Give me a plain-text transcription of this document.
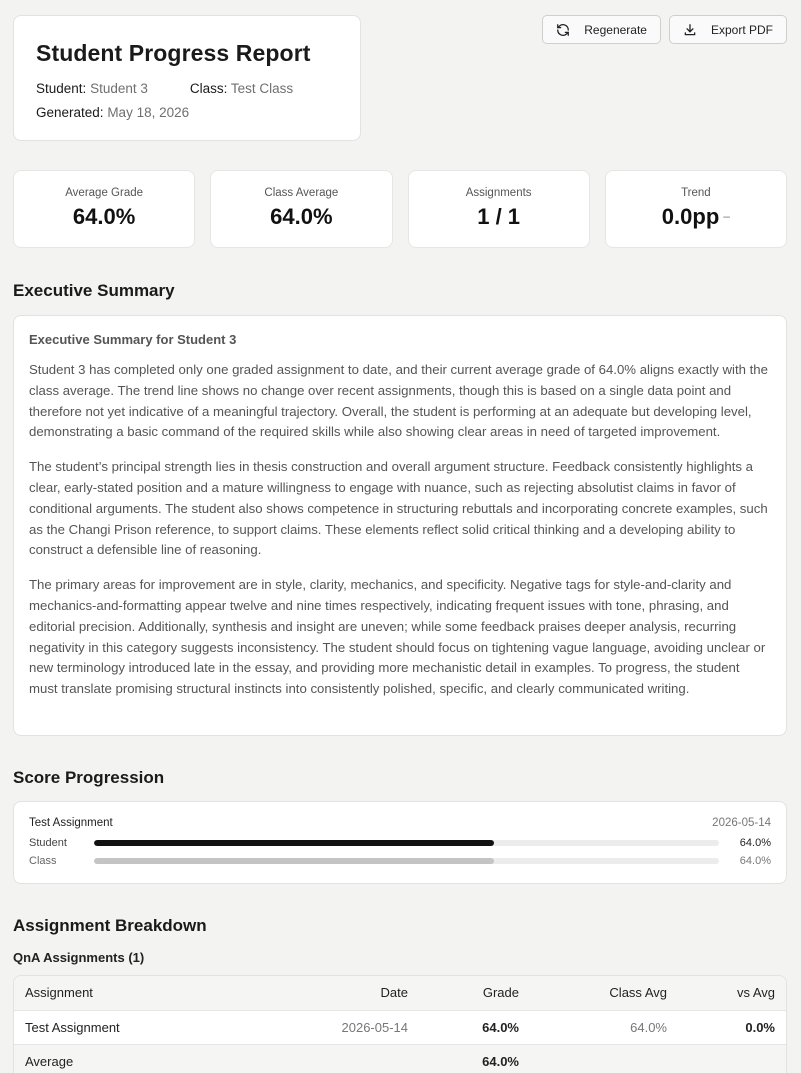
Student Progress Report
Student: Student 3	Class: Test Class
Generated:
May 18, 2026
Regenerate	Export PDF
Average Grade
64.0%
Class Average
64.0%
Assignments
1 / 1
Trend
0.0pp –
Executive Summary
Executive Summary for Student 3

Student 3 has completed only one graded assignment to date, and their current average grade of 64.0% aligns exactly with the class average. The trend line shows no change over recent assignments, though this is based on a single data point and therefore not yet indicative of a meaningful trajectory. Overall, the student is performing at an adequate but developing level, demonstrating a basic command of the required skills while also showing clear areas in need of targeted improvement.

The student’s principal strength lies in thesis construction and overall argument structure. Feedback consistently highlights a clear, early-stated position and a mature willingness to engage with nuance, such as rejecting absolutist claims in favor of conditional arguments. The student also shows competence in structuring rebuttals and incorporating concrete examples, such as the Changi Prison reference, to support claims. These elements reflect solid critical thinking and a developing ability to construct a defensible line of reasoning.

The primary areas for improvement are in style, clarity, mechanics, and specificity. Negative tags for style-and-clarity and mechanics-and-formatting appear twelve and nine times respectively, indicating frequent issues with tone, phrasing, and editorial precision. Additionally, synthesis and insight are uneven; while some feedback praises deeper analysis, recurring negativity in this category suggests inconsistency. The student should focus on tightening vague language, avoiding unclear or new terminology introduced late in the essay, and providing more mechanistic detail in examples. To progress, the student must translate promising structural instincts into consistently polished, specific, and clearly communicated writing.

Score Progression
Test Assignment	2026-05-14
Student	64.0%
Class	64.0%
Assignment Breakdown
QnA Assignments (1)
Assignment	Date	Grade	Class Avg	vs Avg
Test Assignment	2026-05-14	64.0%	64.0%	0.0%
Average		64.0%		
